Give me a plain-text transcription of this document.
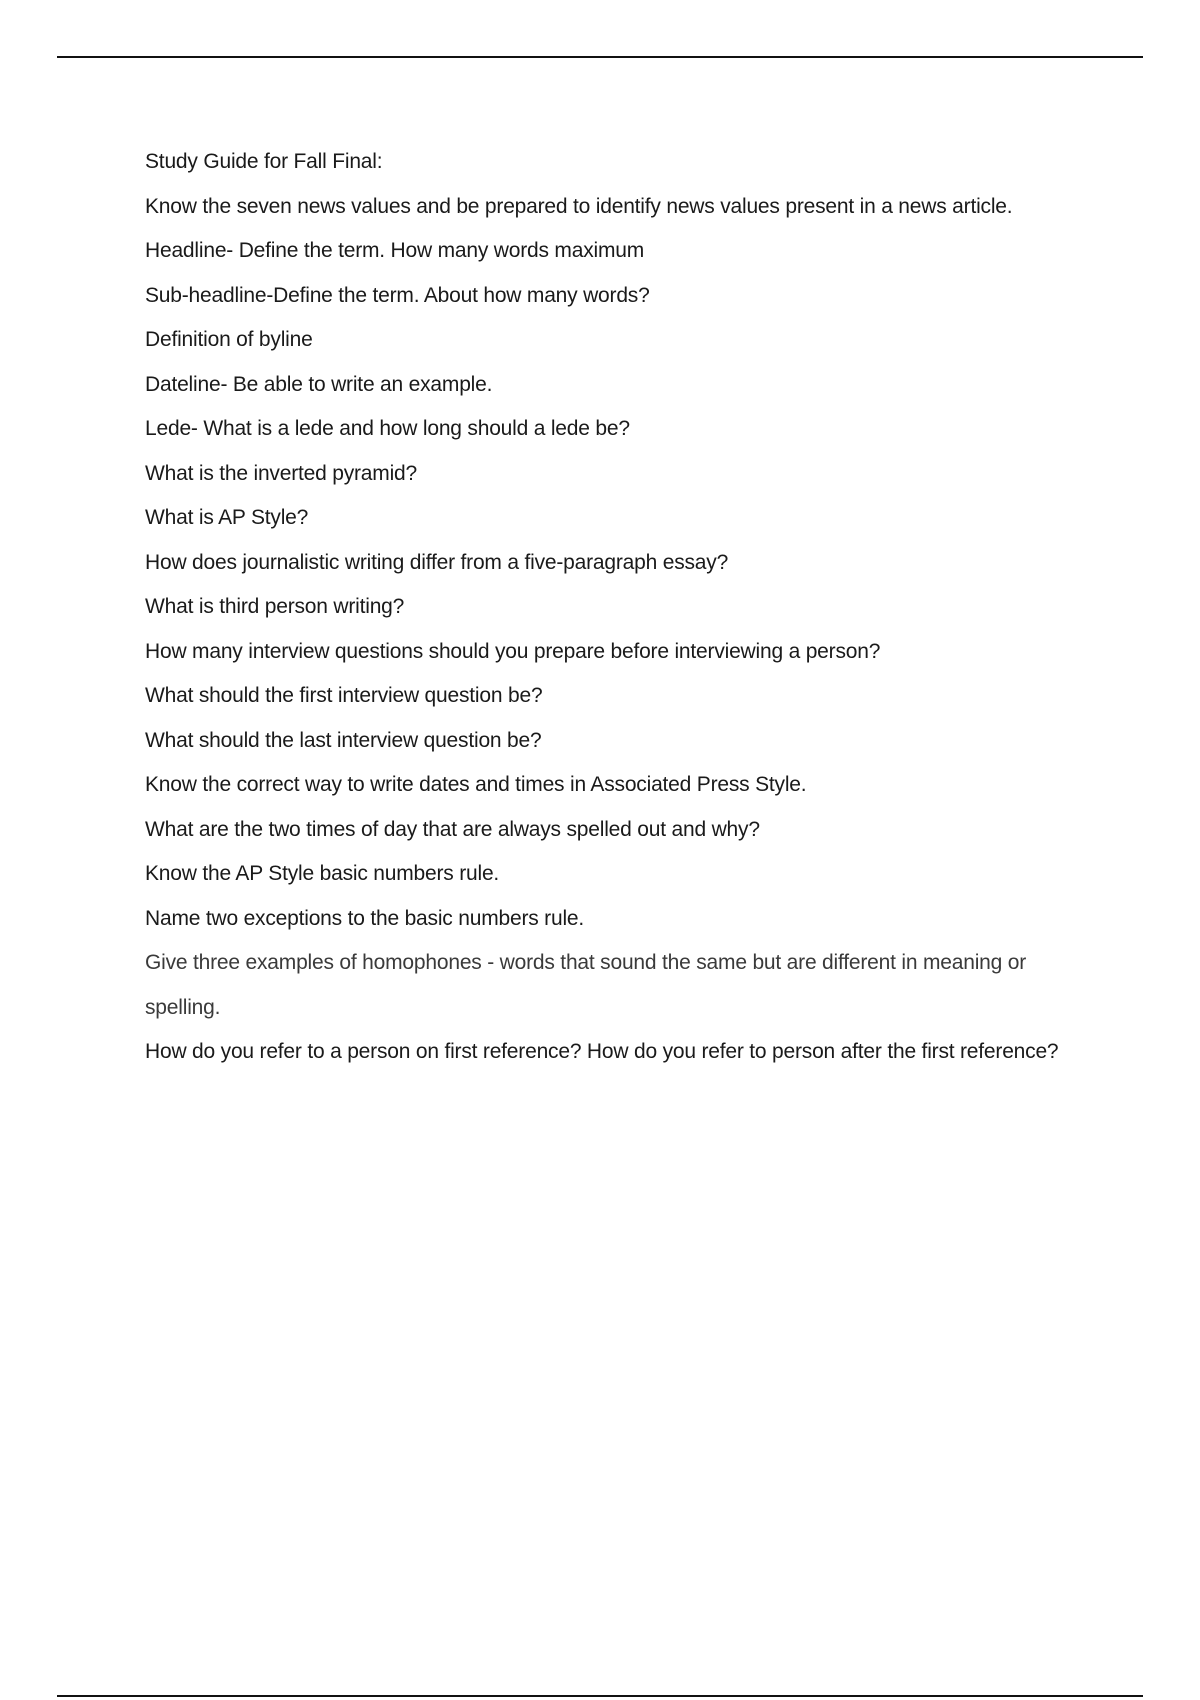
Study Guide for Fall Final:
Know the seven news values and be prepared to identify news values present in a news article.
Headline- Define the term. How many words maximum
Sub-headline-Define the term. About how many words?
Definition of byline
Dateline- Be able to write an example.
Lede- What is a lede and how long should a lede be?
What is the inverted pyramid?
What is AP Style?
How does journalistic writing differ from a five-paragraph essay?
What is third person writing?
How many interview questions should you prepare before interviewing a person?
What should the first interview question be?
What should the last interview question be?
Know the correct way to write dates and times in Associated Press Style.
What are the two times of day that are always spelled out and why?
Know the AP Style basic numbers rule.
Name two exceptions to the basic numbers rule.
Give three examples of homophones - words that sound the same but are different in meaning or spelling.
How do you refer to a person on first reference? How do you refer to person after the first reference?
